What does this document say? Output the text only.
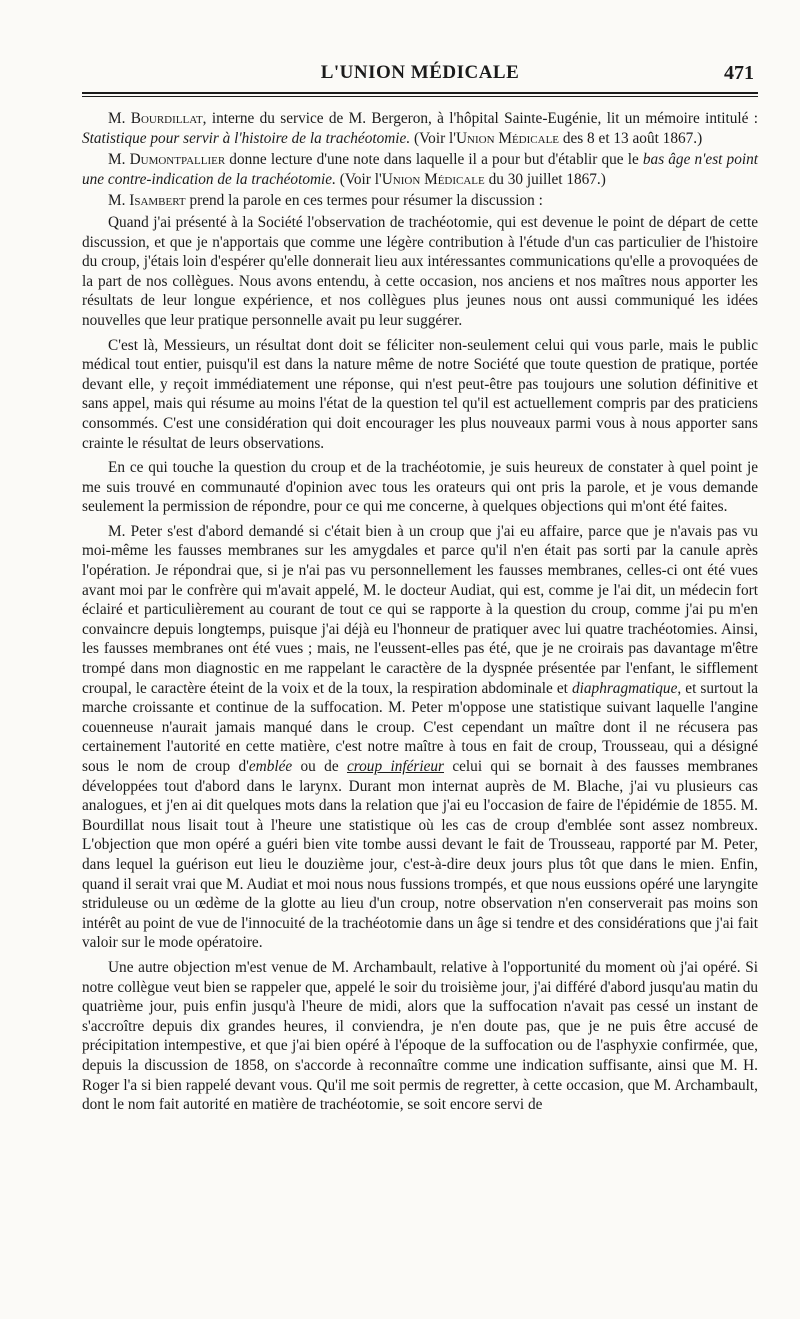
L'UNION MÉDICALE	471

M. Bourdillat, interne du service de M. Bergeron, à l'hôpital Sainte-Eugénie, lit un mémoire intitulé : Statistique pour servir à l'histoire de la trachéotomie. (Voir l'Union Médicale des 8 et 13 août 1867.)

M. Dumontpallier donne lecture d'une note dans laquelle il a pour but d'établir que le bas âge n'est point une contre-indication de la trachéotomie. (Voir l'Union Médicale du 30 juillet 1867.)

M. Isambert prend la parole en ces termes pour résumer la discussion :

Quand j'ai présenté à la Société l'observation de trachéotomie, qui est devenue le point de départ de cette discussion, et que je n'apportais que comme une légère contribution à l'étude d'un cas particulier de l'histoire du croup, j'étais loin d'espérer qu'elle donnerait lieu aux intéressantes communications qu'elle a provoquées de la part de nos collègues. Nous avons entendu, à cette occasion, nos anciens et nos maîtres nous apporter les résultats de leur longue expérience, et nos collègues plus jeunes nous ont aussi communiqué les idées nouvelles que leur pratique personnelle avait pu leur suggérer.

C'est là, Messieurs, un résultat dont doit se féliciter non-seulement celui qui vous parle, mais le public médical tout entier, puisqu'il est dans la nature même de notre Société que toute question de pratique, portée devant elle, y reçoit immédiatement une réponse, qui n'est peut-être pas toujours une solution définitive et sans appel, mais qui résume au moins l'état de la question tel qu'il est actuellement compris par des praticiens consommés. C'est une considération qui doit encourager les plus nouveaux parmi vous à nous apporter sans crainte le résultat de leurs observations.

En ce qui touche la question du croup et de la trachéotomie, je suis heureux de constater à quel point je me suis trouvé en communauté d'opinion avec tous les orateurs qui ont pris la parole, et je vous demande seulement la permission de répondre, pour ce qui me concerne, à quelques objections qui m'ont été faites.

M. Peter s'est d'abord demandé si c'était bien à un croup que j'ai eu affaire, parce que je n'avais pas vu moi-même les fausses membranes sur les amygdales et parce qu'il n'en était pas sorti par la canule après l'opération. Je répondrai que, si je n'ai pas vu personnellement les fausses membranes, celles-ci ont été vues avant moi par le confrère qui m'avait appelé, M. le docteur Audiat, qui est, comme je l'ai dit, un médecin fort éclairé et particulièrement au courant de tout ce qui se rapporte à la question du croup, comme j'ai pu m'en convaincre depuis longtemps, puisque j'ai déjà eu l'honneur de pratiquer avec lui quatre trachéotomies. Ainsi, les fausses membranes ont été vues ; mais, ne l'eussent-elles pas été, que je ne croirais pas davantage m'être trompé dans mon diagnostic en me rappelant le caractère de la dyspnée présentée par l'enfant, le sifflement croupal, le caractère éteint de la voix et de la toux, la respiration abdominale et diaphragmatique, et surtout la marche croissante et continue de la suffocation. M. Peter m'oppose une statistique suivant laquelle l'angine couenneuse n'aurait jamais manqué dans le croup. C'est cependant un maître dont il ne récusera pas certainement l'autorité en cette matière, c'est notre maître à tous en fait de croup, Trousseau, qui a désigné sous le nom de croup d'emblée ou de croup inférieur celui qui se bornait à des fausses membranes développées tout d'abord dans le larynx. Durant mon internat auprès de M. Blache, j'ai vu plusieurs cas analogues, et j'en ai dit quelques mots dans la relation que j'ai eu l'occasion de faire de l'épidémie de 1855. M. Bourdillat nous lisait tout à l'heure une statistique où les cas de croup d'emblée sont assez nombreux. L'objection que mon opéré a guéri bien vite tombe aussi devant le fait de Trousseau, rapporté par M. Peter, dans lequel la guérison eut lieu le douzième jour, c'est-à-dire deux jours plus tôt que dans le mien. Enfin, quand il serait vrai que M. Audiat et moi nous nous fussions trompés, et que nous eussions opéré une laryngite striduleuse ou un œdème de la glotte au lieu d'un croup, notre observation n'en conserverait pas moins son intérêt au point de vue de l'innocuité de la trachéotomie dans un âge si tendre et des considérations que j'ai fait valoir sur le mode opératoire.

Une autre objection m'est venue de M. Archambault, relative à l'opportunité du moment où j'ai opéré. Si notre collègue veut bien se rappeler que, appelé le soir du troisième jour, j'ai différé d'abord jusqu'au matin du quatrième jour, puis enfin jusqu'à l'heure de midi, alors que la suffocation n'avait pas cessé un instant de s'accroître depuis dix grandes heures, il conviendra, je n'en doute pas, que je ne puis être accusé de précipitation intempestive, et que j'ai bien opéré à l'époque de la suffocation ou de l'asphyxie confirmée, que, depuis la discussion de 1858, on s'accorde à reconnaître comme une indication suffisante, ainsi que M. H. Roger l'a si bien rappelé devant vous. Qu'il me soit permis de regretter, à cette occasion, que M. Archambault, dont le nom fait autorité en matière de trachéotomie, se soit encore servi de
